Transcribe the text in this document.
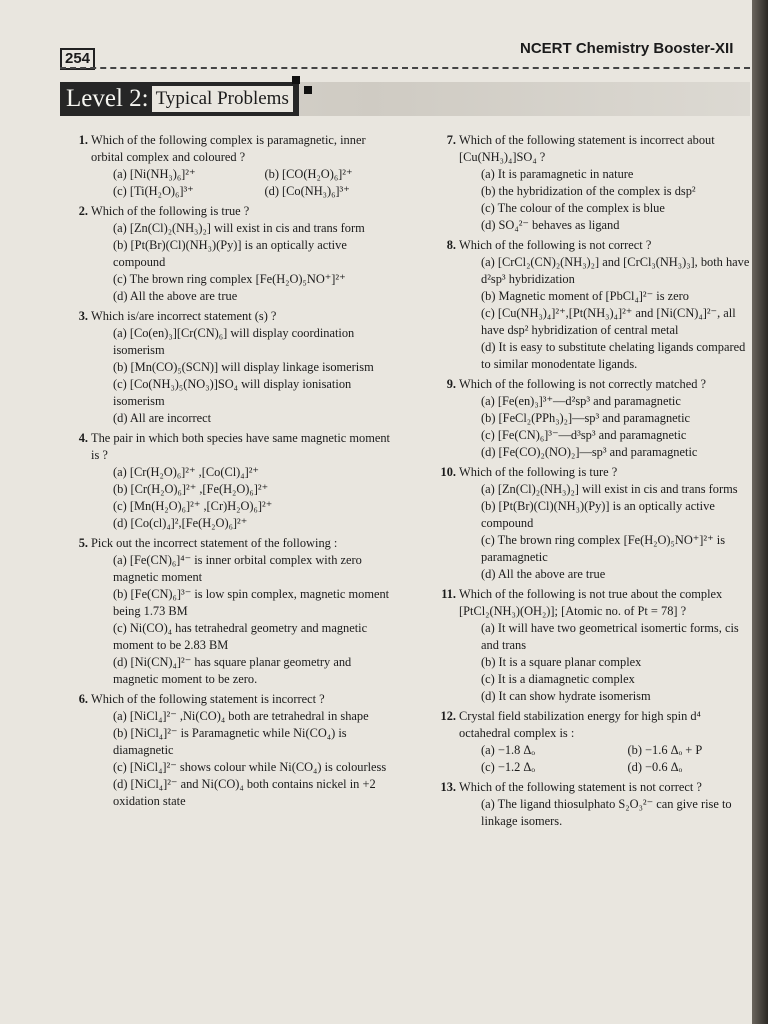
254
NCERT Chemistry Booster-XII
Level 2: Typical Problems
1. Which of the following complex is paramagnetic, inner orbital complex and coloured ?
(a) [Ni(NH₃)₆]²⁺	(b) [CO(H₂O)₆]²⁺
(c) [Ti(H₂O)₆]³⁺	(d) [Co(NH₃)₆]³⁺
2. Which of the following is true ?
(a) [Zn(Cl)₂(NH₃)₂] will exist in cis and trans form
(b) [Pt(Br)(Cl)(NH₃)(Py)] is an optically active compound
(c) The brown ring complex [Fe(H₂O)₅NO⁺]²⁺
(d) All the above are true
3. Which is/are incorrect statement (s) ?
(a) [Co(en)₃][Cr(CN)₆] will display coordination isomerism
(b) [Mn(CO)₅(SCN)] will display linkage isomerism
(c) [Co(NH₃)₅(NO₃)]SO₄ will display ionisation isomerism
(d) All are incorrect
4. The pair in which both species have same magnetic moment is ?
(a) [Cr(H₂O)₆]²⁺ ,[Co(Cl)₄]²⁺
(b) [Cr(H₂O)₆]²⁺ ,[Fe(H₂O)₆]²⁺
(c) [Mn(H₂O)₆]²⁺ ,[Cr)H₂O)₆]²⁺
(d) [Co(cl)₄]²,[Fe(H₂O)₆]²⁺
5. Pick out the incorrect statement of the following :
(a) [Fe(CN)₆]⁴⁻ is inner orbital complex with zero magnetic moment
(b) [Fe(CN)₆]³⁻ is low spin complex, magnetic moment being 1.73 BM
(c) Ni(CO)₄ has tetrahedral geometry and magnetic moment to be 2.83 BM
(d) [Ni(CN)₄]²⁻ has square planar geometry and magnetic moment to be zero.
6. Which of the following statement is incorrect ?
(a) [NiCl₄]²⁻ ,Ni(CO)₄ both are tetrahedral in shape
(b) [NiCl₄]²⁻ is Paramagnetic while Ni(CO₄) is diamagnetic
(c) [NiCl₄]²⁻ shows colour while Ni(CO₄) is colourless
(d) [NiCl₄]²⁻ and Ni(CO)₄ both contains nickel in +2 oxidation state
7. Which of the following statement is incorrect about [Cu(NH₃)₄]SO₄ ?
(a) It is paramagnetic in nature
(b) the hybridization of the complex is dsp²
(c) The colour of the complex is blue
(d) SO₄²⁻ behaves as ligand
8. Which of the following is not correct ?
(a) [CrCl₂(CN)₂(NH₃)₂] and [CrCl₃(NH₃)₃], both have d²sp³ hybridization
(b) Magnetic moment of [PbCl₄]²⁻ is zero
(c) [Cu(NH₃)₄]²⁺,[Pt(NH₃)₄]²⁺ and [Ni(CN)₄]²⁻, all have dsp² hybridization of central metal
(d) It is easy to substitute chelating ligands compared to similar monodentate ligands.
9. Which of the following is not correctly matched ?
(a) [Fe(en)₃]³⁺—d²sp³ and paramagnetic
(b) [FeCl₂(PPh₃)₂]—sp³ and paramagnetic
(c) [Fe(CN)₆]³⁻—d³sp³ and paramagnetic
(d) [Fe(CO)₂(NO)₂]—sp³ and paramagnetic
10. Which of the following is ture ?
(a) [Zn(Cl)₂(NH₃)₂] will exist in cis and trans forms
(b) [Pt(Br)(Cl)(NH₃)(Py)] is an optically active compound
(c) The brown ring complex [Fe(H₂O)₅NO⁺]²⁺ is paramagnetic
(d) All the above are true
11. Which of the following is not true about the complex [PtCl₂(NH₃)(OH₂)]; [Atomic no. of Pt = 78] ?
(a) It will have two geometrical isomertic forms, cis and trans
(b) It is a square planar complex
(c) It is a diamagnetic complex
(d) It can show hydrate isomerism
12. Crystal field stabilization energy for high spin d⁴ octahedral complex is :
(a) −1.8 Δₒ	(b) −1.6 Δₒ + P
(c) −1.2 Δₒ	(d) −0.6 Δₒ
13. Which of the following statement is not correct ?
(a) The ligand thiosulphato S₂O₃²⁻ can give rise to linkage isomers.
